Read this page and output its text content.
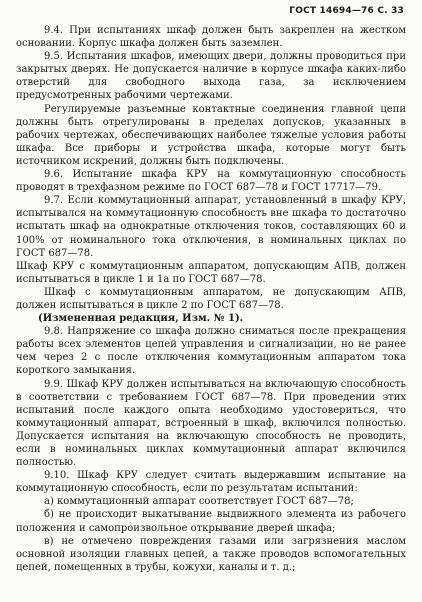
ГОСТ 14694—76 С. 33

9.4. При испытаниях шкаф должен быть закреплен на жестком основании. Корпус шкафа должен быть заземлен.

9.5. Испытания шкафов, имеющих двери, должны проводиться при закрытых дверях. Не допускается наличие в корпусе шкафа каких-либо отверстий для свободного выхода газа, за исключением предусмотренных рабочими чертежами.

Регулируемые разъемные контактные соединения главной цепи должны быть отрегулированы в пределах допусков, указанных в рабочих чертежах, обеспечивающих наиболее тяжелые условия работы шкафа. Все приборы и устройства шкафа, которые могут быть источником искрений, должны быть подключены.

9.6. Испытание шкафа КРУ на коммутационную способность проводят в трехфазном режиме по ГОСТ 687—78 и ГОСТ 17717—79.

9.7. Если коммутационный аппарат, установленный в шкафу КРУ, испытывался на коммутационную способность вне шкафа то достаточно испытать шкаф на однократные отключения токов, составляющих 60 и 100% от номинального тока отключения, в номинальных циклах по ГОСТ 687—78.

Шкаф КРУ с коммутационным аппаратом, допускающим АПВ, должен испытываться в цикле 1 и 1а по ГОСТ 687—78.

Шкаф с коммутационным аппаратом, не допускающим АПВ, должен испытываться в цикле 2 по ГОСТ 687—78.

(Измененная редакция, Изм. № 1).

9.8. Напряжение со шкафа должно сниматься после прекращения работы всех элементов цепей управления и сигнализации, но не ранее чем через 2 с после отключения коммутационным аппаратом тока короткого замыкания.

9.9. Шкаф КРУ должен испытываться на включающую способность в соответствии с требованием ГОСТ 687—78. При проведении этих испытаний после каждого опыта необходимо удостовериться, что коммутационный аппарат, встроенный в шкаф, включился полностью. Допускается испытания на включающую способность не проводить, если в номинальных циклах коммутационный аппарат включился полностью.

9.10. Шкаф КРУ следует считать выдержавшим испытание на коммутационную способность, если по результатам испытаний:

а) коммутационный аппарат соответствует ГОСТ 687—78;

б) не происходит выкатывание выдвижного элемента из рабочего положения и самопроизвольное открывание дверей шкафа;

в) не отмечено повреждения газами или загрязнения маслом основной изоляции главных цепей, а также проводов вспомогательных цепей, помещенных в трубы, кожухи, каналы и т. д.;
